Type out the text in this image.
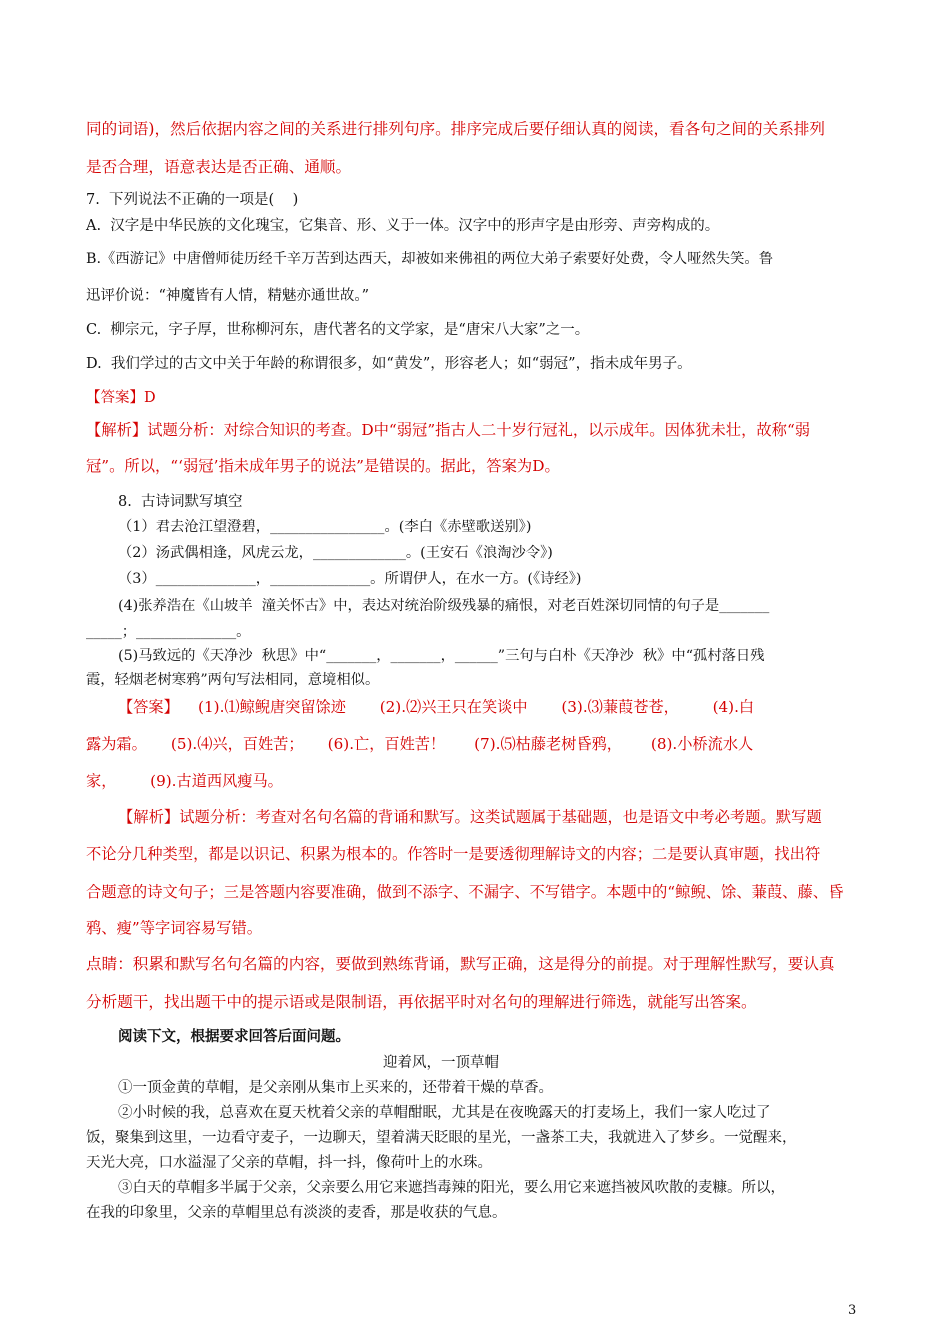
同的词语)，然后依据内容之间的关系进行排列句序。排序完成后要仔细认真的阅读，看各句之间的关系排列
是否合理，语意表达是否正确、通顺。
7.  下列说法不正确的一项是(    )
A.  汉字是中华民族的文化瑰宝，它集音、形、义于一体。汉字中的形声字是由形旁、声旁构成的。
B.《西游记》中唐僧师徒历经千辛万苦到达西天，却被如来佛祖的两位大弟子索要好处费，令人哑然失笑。鲁
迅评价说：“神魔皆有人情，精魅亦通世故。”
C.  柳宗元，字子厚，世称柳河东，唐代著名的文学家，是“唐宋八大家”之一。
D.  我们学过的古文中关于年龄的称谓很多，如“黄发”，形容老人；如“弱冠”，指未成年男子。
【答案】D
【解析】试题分析：对综合知识的考查。D中“弱冠”指古人二十岁行冠礼，以示成年。因体犹未壮，故称“弱
冠”。所以，“‘弱冠’指未成年男子的说法”是错误的。据此，答案为D。
8.  古诗词默写填空
（1）君去沧江望澄碧，________________。(李白《赤壁歌送别》)
（2）汤武偶相逢，风虎云龙，_____________。(王安石《浪淘沙令》)
（3）______________，______________。所谓伊人，在水一方。(《诗经》)
(4)张养浩在《山坡羊  潼关怀古》中，表达对统治阶级残暴的痛恨，对老百姓深切同情的句子是_______
_____；______________。
(5)马致远的《天净沙  秋思》中“_______，_______，______”三句与白朴《天净沙  秋》中“孤村落日残
霞，轻烟老树寒鸦”两句写法相同，意境相似。
【答案】    (1).⑴鲸鲵唐突留馀迹       (2).⑵兴王只在笑谈中       (3).⑶蒹葭苍苍，       (4).白
露为霜。     (5).⑷兴，百姓苦；     (6).亡，百姓苦！      (7).⑸枯藤老树昏鸦，      (8).小桥流水人
家，       (9).古道西风瘦马。
【解析】试题分析：考查对名句名篇的背诵和默写。这类试题属于基础题，也是语文中考必考题。默写题
不论分几种类型，都是以识记、积累为根本的。作答时一是要透彻理解诗文的内容；二是要认真审题，找出符
合题意的诗文句子；三是答题内容要准确，做到不添字、不漏字、不写错字。本题中的“鲸鲵、馀、蒹葭、藤、昏
鸦、瘦”等字词容易写错。
点睛：积累和默写名句名篇的内容，要做到熟练背诵，默写正确，这是得分的前提。对于理解性默写，要认真
分析题干，找出题干中的提示语或是限制语，再依据平时对名句的理解进行筛选，就能写出答案。
阅读下文，根据要求回答后面问题。
迎着风，一顶草帽
①一顶金黄的草帽，是父亲刚从集市上买来的，还带着干燥的草香。
②小时候的我，总喜欢在夏天枕着父亲的草帽酣眠，尤其是在夜晚露天的打麦场上，我们一家人吃过了
饭，聚集到这里，一边看守麦子，一边聊天，望着满天眨眼的星光，一盏茶工夫，我就进入了梦乡。一觉醒来，
天光大亮，口水溢湿了父亲的草帽，抖一抖，像荷叶上的水珠。
③白天的草帽多半属于父亲，父亲要么用它来遮挡毒辣的阳光，要么用它来遮挡被风吹散的麦糠。所以，
在我的印象里，父亲的草帽里总有淡淡的麦香，那是收获的气息。
3
